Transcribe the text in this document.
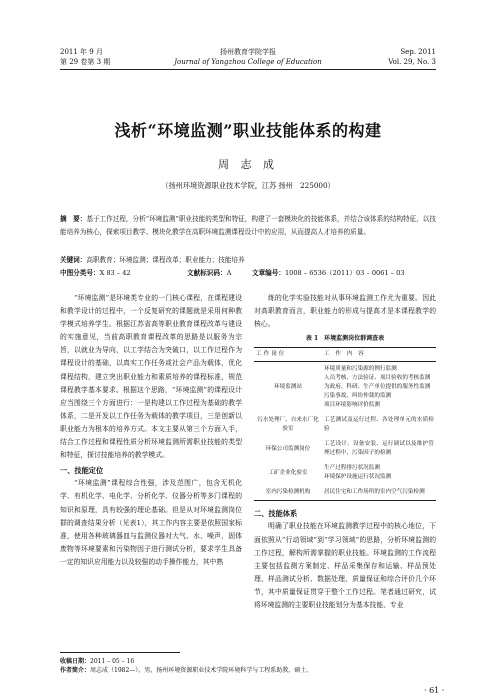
2011 年 9 月
第 29 卷第 3 期
扬州教育学院学报
Journal of Yangzhou College of Education
Sep. 2011
Vol. 29, No. 3
浅析“环境监测”职业技能体系的构建
周 志 成
（扬州环境资源职业技术学院，江苏 扬州　225000）
摘　要：基于工作过程，分析“环境监测”职业技能的类型和特征，构建了一套模块化的技能体系，并结合该体系的结构特征，以技能培养为核心，探索项目教学、模块化教学在高职环境监测课程设计中的应用，从而提高人才培养的质量。
关键词：高职教育；环境监测；课程改革；职业能力；技能培养
中图分类号：X 83 – 42	文献标识码：A	文章编号：1008 – 6536（2011）03 – 0061 – 03

“环境监测”是环境类专业的一门核心课程，在课程建设和教学设计的过程中，一个反复研究的课题就是采用何种教学模式培养学生。根据江苏省高等职业教育课程改革与建设的实施意见，当前高职教育课程改革的思路是以服务为宗旨，以就业为导向，以工学结合为突破口，以工作过程作为课程设计的基础，以真实工作任务或社会产品为载体，优化课程结构，建立突出职业能力和素质培养的课程标准，规范课程教学基本要求。根据这个思路，“环境监测”的课程设计应当围绕三个方面进行：一是构建以工作过程为基础的教学体系，二是开发以工作任务为载体的教学项目，三是创新以职业能力为根本的培养方式。本文主要从第三个方面入手，结合工作过程和课程性质分析环境监测所需职业技能的类型和特征，探讨技能培养的教学模式。

一、技能定位

“环境监测”课程综合性强，涉及范围广，包含无机化学、有机化学、电化学、分析化学、仪器分析等多门课程的知识和原理，具有较强的理论基础。但是从对环境监测岗位群的调查结果分析（见表1），其工作内容主要是依照国家标准，使用各种玻璃器皿与监测仪器对大气、水、噪声、固体废物等环境要素和污染物因子进行测试分析，要求学生具备一定的知识应用能力以及较强的动手操作能力，其中熟

练的化学实验技能对从事环境监测工作尤为重要。因此对高职教育而言，职业能力的形成与提高才是本课程教学的核心。

表 1　环境监测岗位群调查表
工作岗位	工 作 内 容
环境监测站	环境质量和污染源的例行监测
人员考核、方法验证、项目验收的考核监测
为政府、科研、生产单位提供的服务性监测
污染事故、纠纷仲裁的监测
项目环境影响评价监测
污水处理厂、自来水厂化验室	工艺测试及运行过程、各处理单元的水质检验
环保公司监测岗位	工艺设计、设备安装、运行调试以及维护管理过程中，污染因子的检测
工矿企业化验室	生产过程排污状况监测
环境保护设施运行状况监测
室内污染检测机构	居民住宅和工作场所的室内空气污染检测

二、技能体系

明确了职业技能在环境监测教学过程中的核心地位，下面依照从“行动领域”到“学习领域”的思路，分析环境监测的工作过程，解构所需掌握的职业技能。环境监测的工作流程主要包括监测方案制定、样品采集保存和运输、样品预处理、样品测试分析、数据处理、质量保证和综合评价几个环节，其中质量保证贯穿于整个工作过程。笔者通过研究，试将环境监测的主要职业技能划分为基本技能、专业

收稿日期：2011 – 05 – 16
作者简介：周志成（1982—），男，扬州环境资源职业技术学院环境科学与工程系助教，硕士。
· 61 ·
